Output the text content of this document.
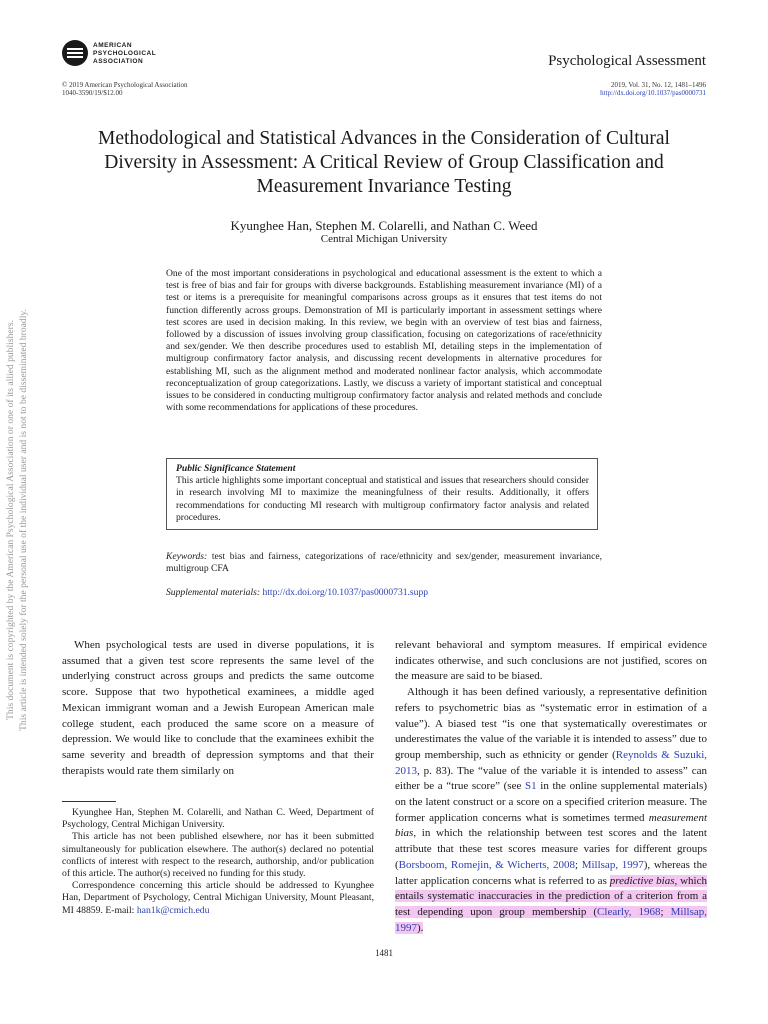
AMERICAN
PSYCHOLOGICAL
ASSOCIATION	Psychological Assessment
© 2019 American Psychological Association
1040-3590/19/$12.00
2019, Vol. 31, No. 12, 1481–1496
http://dx.doi.org/10.1037/pas0000731
Methodological and Statistical Advances in the Consideration of Cultural Diversity in Assessment: A Critical Review of Group Classification and Measurement Invariance Testing
Kyunghee Han, Stephen M. Colarelli, and Nathan C. Weed
Central Michigan University
One of the most important considerations in psychological and educational assessment is the extent to which a test is free of bias and fair for groups with diverse backgrounds. Establishing measurement invariance (MI) of a test or items is a prerequisite for meaningful comparisons across groups as it ensures that test items do not function differently across groups. Demonstration of MI is particularly important in assessment settings where test scores are used in decision making. In this review, we begin with an overview of test bias and fairness, followed by a discussion of issues involving group classification, focusing on categorizations of race/ethnicity and sex/gender. We then describe procedures used to establish MI, detailing steps in the implementation of multigroup confirmatory factor analysis, and discussing recent developments in alternative procedures for establishing MI, such as the alignment method and moderated nonlinear factor analysis, which accommodate reconceptualization of group categorizations. Lastly, we discuss a variety of important statistical and conceptual issues to be considered in conducting multigroup confirmatory factor analysis and related methods and conclude with some recommendations for applications of these procedures.
Public Significance Statement
This article highlights some important conceptual and statistical and issues that researchers should consider in research involving MI to maximize the meaningfulness of their results. Additionally, it offers recommendations for conducting MI research with multigroup confirmatory factor analysis and related procedures.
Keywords: test bias and fairness, categorizations of race/ethnicity and sex/gender, measurement invariance, multigroup CFA
Supplemental materials: http://dx.doi.org/10.1037/pas0000731.supp
This document is copyrighted by the American Psychological Association or one of its allied publishers. This article is intended solely for the personal use of the individual user and is not to be disseminated broadly.	When psychological tests are used in diverse populations, it is assumed that a given test score represents the same level of the underlying construct across groups and predicts the same outcome score. Suppose that two hypothetical examinees, a middle aged Mexican immigrant woman and a Jewish European American male college student, each produced the same score on a measure of depression. We would like to conclude that the examinees exhibit the same severity and breadth of depression symptoms and that their therapists would rate them similarly on

relevant behavioral and symptom measures. If empirical evidence indicates otherwise, and such conclusions are not justified, scores on the measure are said to be biased.

Although it has been defined variously, a representative definition refers to psychometric bias as “systematic error in estimation of a value”). A biased test “is one that systematically overestimates or underestimates the value of the variable it is intended to assess” due to group membership, such as ethnicity or gender (Reynolds & Suzuki, 2013, p. 83). The “value of the variable it is intended to assess” can either be a “true score” (see S1 in the online supplemental materials) on the latent construct or a score on a specified criterion measure. The former application concerns what is sometimes termed measurement bias, in which the relationship between test scores and the latent attribute that these test scores measure varies for different groups (Borsboom, Romejin, & Wicherts, 2008; Millsap, 1997), whereas the latter application concerns what is referred to as predictive bias, which entails systematic inaccuracies in the prediction of a criterion from a test depending upon group membership (Clearly, 1968; Millsap, 1997).

Kyunghee Han, Stephen M. Colarelli, and Nathan C. Weed, Department of Psychology, Central Michigan University.

This article has not been published elsewhere, nor has it been submitted simultaneously for publication elsewhere. The author(s) declared no potential conflicts of interest with respect to the research, authorship, and/or publication of this article. The author(s) received no funding for this study.

Correspondence concerning this article should be addressed to Kyunghee Han, Department of Psychology, Central Michigan University, Mount Pleasant, MI 48859. E-mail: han1k@cmich.edu

1481
